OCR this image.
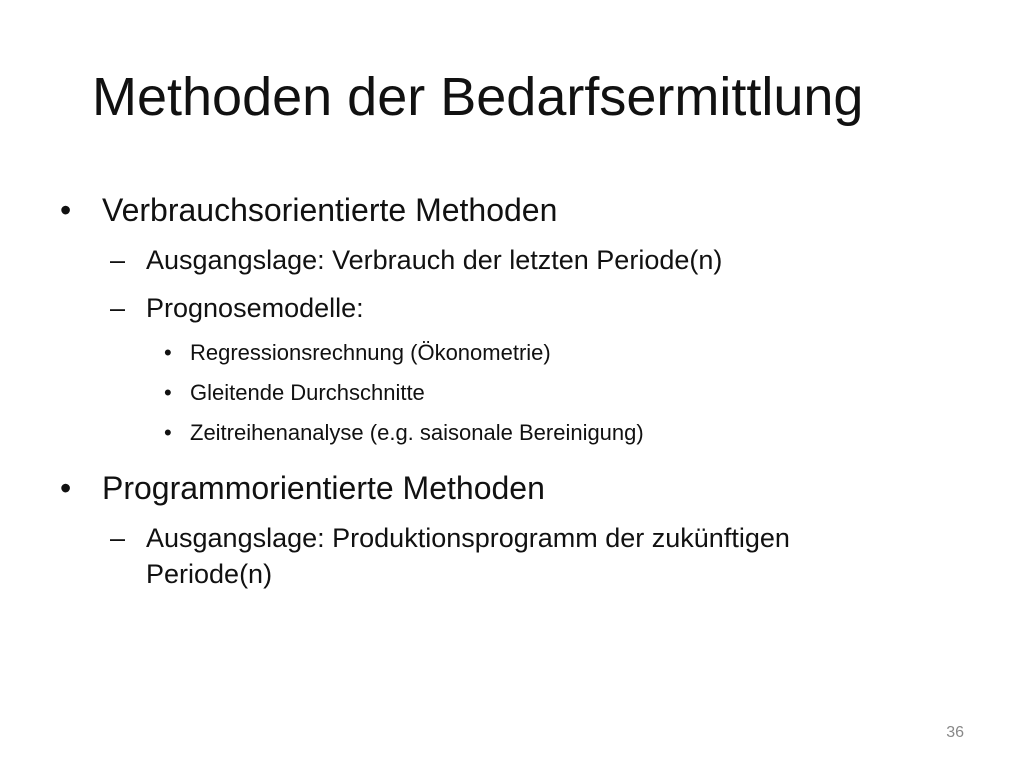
Methoden der Bedarfsermittlung
• Verbrauchsorientierte Methoden
– Ausgangslage: Verbrauch der letzten Periode(n)
– Prognosemodelle:
• Regressionsrechnung (Ökonometrie)
• Gleitende Durchschnitte
• Zeitreihenanalyse (e.g. saisonale Bereinigung)
• Programmorientierte Methoden
– Ausgangslage: Produktionsprogramm der zukünftigen Periode(n)
36
